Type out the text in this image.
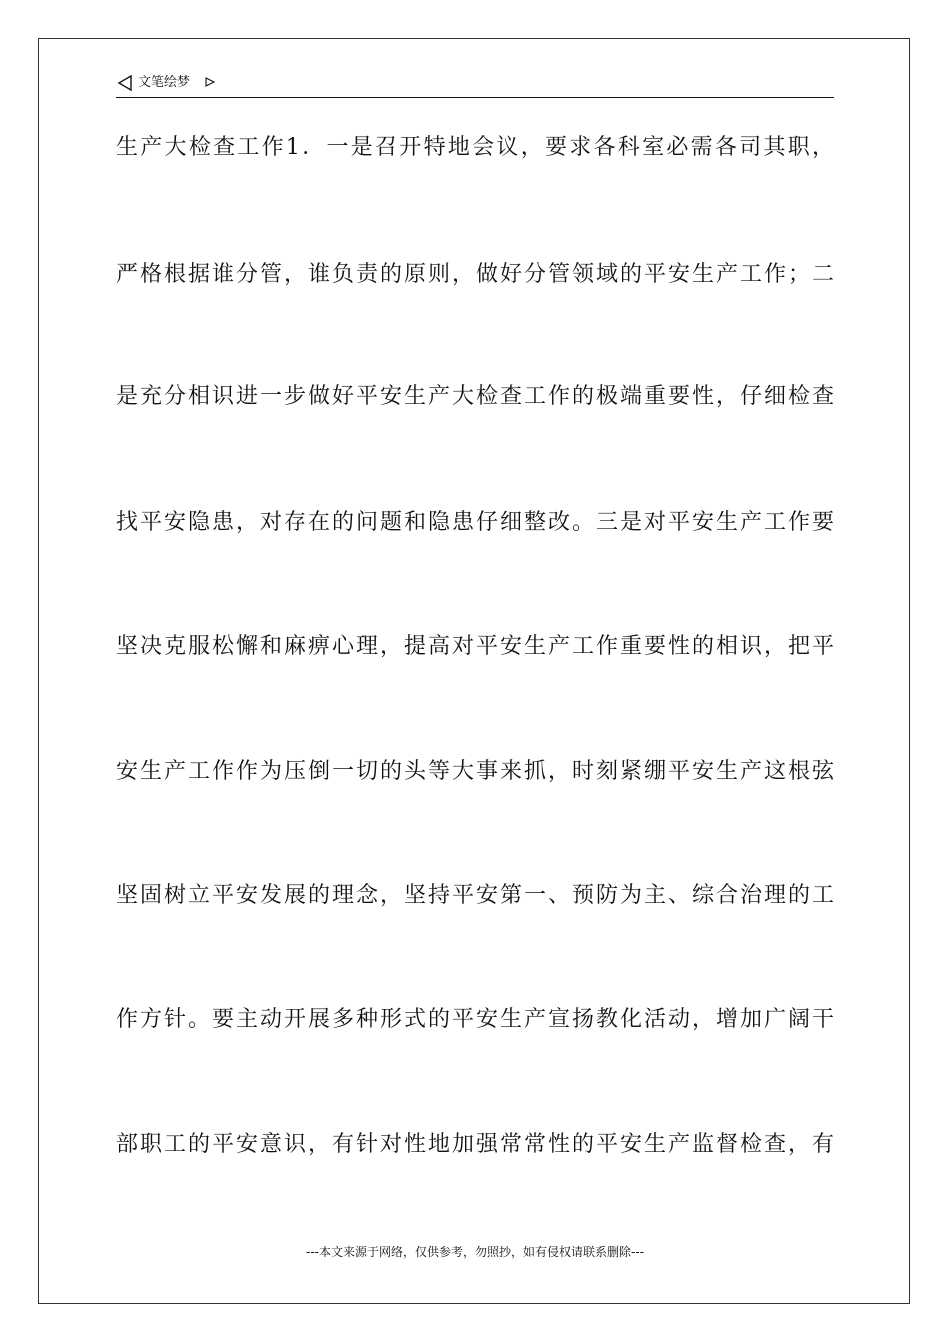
文笔绘梦
生产大检查工作1．一是召开特地会议，要求各科室必需各司其职，
严格根据谁分管，谁负责的原则，做好分管领域的平安生产工作；二
是充分相识进一步做好平安生产大检查工作的极端重要性，仔细检查
找平安隐患，对存在的问题和隐患仔细整改。三是对平安生产工作要
坚决克服松懈和麻痹心理，提高对平安生产工作重要性的相识，把平
安生产工作作为压倒一切的头等大事来抓，时刻紧绷平安生产这根弦
坚固树立平安发展的理念，坚持平安第一、预防为主、综合治理的工
作方针。要主动开展多种形式的平安生产宣扬教化活动，增加广阔干
部职工的平安意识，有针对性地加强常常性的平安生产监督检查，有
---本文来源于网络，仅供参考，勿照抄，如有侵权请联系删除---
